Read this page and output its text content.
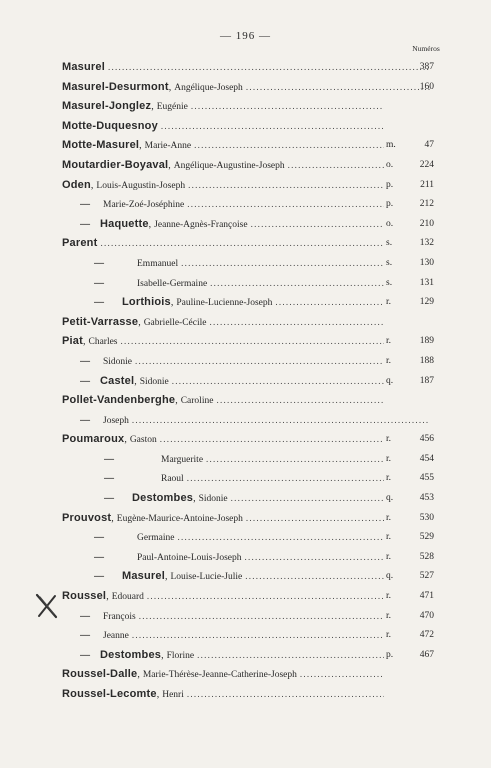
— 196 —
Numéros
Masurel . . .	387
Masurel-Desurmont , Angélique-Joseph . . .	160
Masurel-Jonglez , Eugénie
. . .
Motte-Duquesnoy
. . .
Motte-Masurel , Marie-Anne . . .	m.	47
Moutardier-Boyaval , Angélique-Augustine-Joseph . . .	o.	224
Oden , Louis-Augustin-Joseph . . .	p.	211
— Marie-Zoé-Joséphine . . .	p.	212
— Haquette , Jeanne-Agnès-Françoise . . .	o.	210
Parent . . .	s.	132
—	Emmanuel . . .	s.	130
—	Isabelle-Germaine . . .	s.	131
— Lorthiois , Pauline-Lucienne-Joseph . . .	r.	129
Petit-Varrasse , Gabrielle-Cécile
. . .
Piat , Charles . . .	r.	189
— Sidonie . . .	r.	188
— Castel , Sidonie . . .	q.	187
Pollet-Vandenberghe , Caroline
. . .
— Joseph
. . .
Poumaroux , Gaston . . .	r.	456
—	Marguerite . . .	r.	454
—	Raoul . . .	r.	455
— Destombes , Sidonie . . .	q.	453
Prouvost , Eugène-Maurice-Antoine-Joseph . . .	r.	530
—	Germaine . . .	r.	529
—	Paul-Antoine-Louis-Joseph . . .	r.	528
— Masurel , Louise-Lucie-Julie . . .	q.	527
Roussel , Edouard . . .	r.	471
— François . . .	r.	470
— Jeanne . . .	r.	472
— Destombes , Florine . . .	p.	467
Roussel-Dalle , Marie-Thérèse-Jeanne-Catherine-Joseph
. . .
Roussel-Lecomte , Henri
. . .
